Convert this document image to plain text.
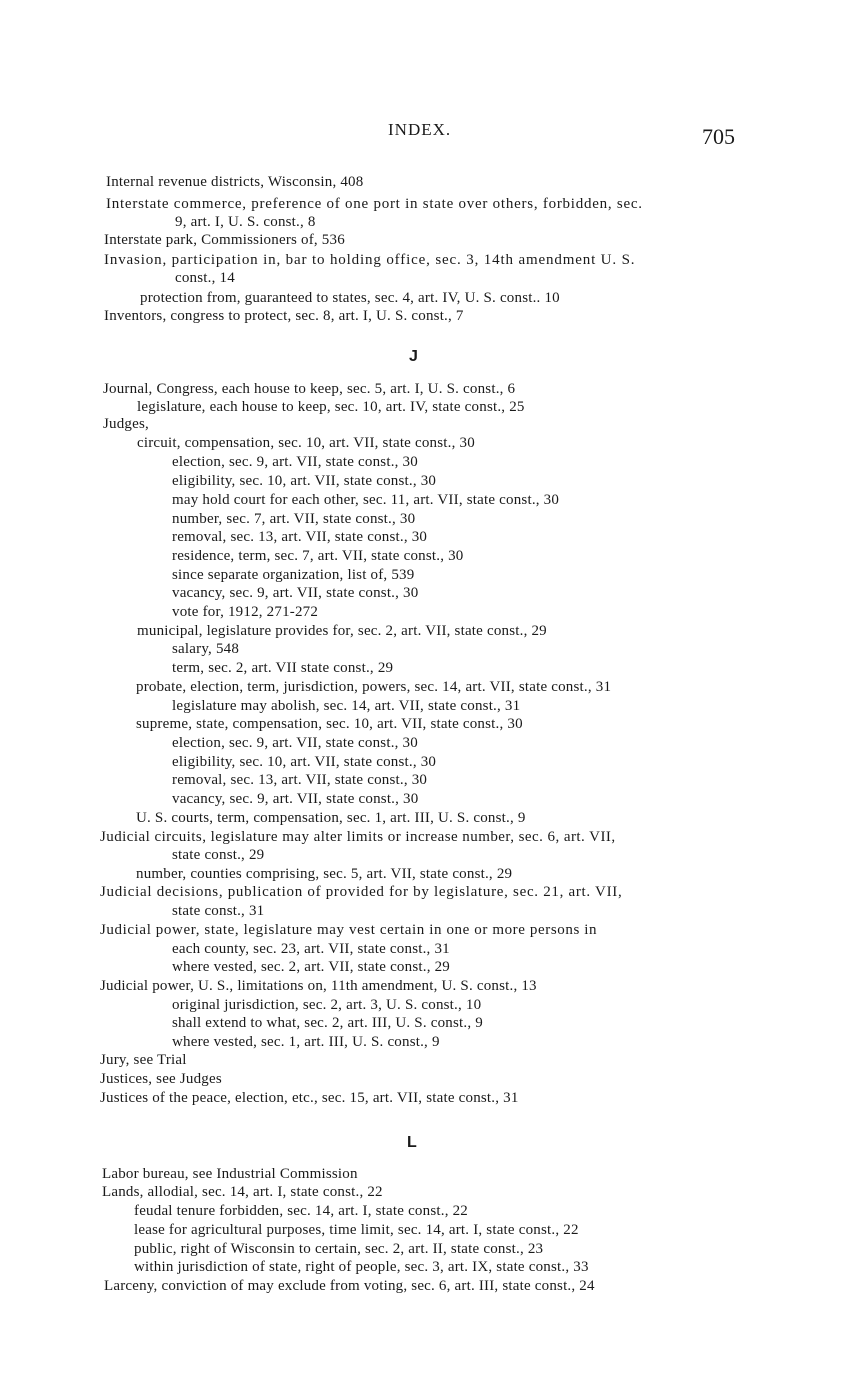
INDEX.	705
Internal revenue districts, Wisconsin, 408
Interstate commerce, preference of one port in state over others, forbidden, sec.
9, art. I, U. S. const., 8
Interstate park, Commissioners of, 536
Invasion, participation in, bar to holding office, sec. 3, 14th amendment U. S.
const., 14
protection from, guaranteed to states, sec. 4, art. IV, U. S. const.. 10
Inventors, congress to protect, sec. 8, art. I, U. S. const., 7
J
Journal, Congress, each house to keep, sec. 5, art. I, U. S. const., 6
legislature, each house to keep, sec. 10, art. IV, state const., 25
Judges,
circuit, compensation, sec. 10, art. VII, state const., 30
election, sec. 9, art. VII, state const., 30
eligibility, sec. 10, art. VII, state const., 30
may hold court for each other, sec. 11, art. VII, state const., 30
number, sec. 7, art. VII, state const., 30
removal, sec. 13, art. VII, state const., 30
residence, term, sec. 7, art. VII, state const., 30
since separate organization, list of, 539
vacancy, sec. 9, art. VII, state const., 30
vote for, 1912, 271-272
municipal, legislature provides for, sec. 2, art. VII, state const., 29
salary, 548
term, sec. 2, art. VII state const., 29
probate, election, term, jurisdiction, powers, sec. 14, art. VII, state const., 31
legislature may abolish, sec. 14, art. VII, state const., 31
supreme, state, compensation, sec. 10, art. VII, state const., 30
election, sec. 9, art. VII, state const., 30
eligibility, sec. 10, art. VII, state const., 30
removal, sec. 13, art. VII, state const., 30
vacancy, sec. 9, art. VII, state const., 30
U. S. courts, term, compensation, sec. 1, art. III, U. S. const., 9
Judicial circuits, legislature may alter limits or increase number, sec. 6, art. VII,
state const., 29
number, counties comprising, sec. 5, art. VII, state const., 29
Judicial decisions, publication of provided for by legislature, sec. 21, art. VII,
state const., 31
Judicial power, state, legislature may vest certain in one or more persons in
each county, sec. 23, art. VII, state const., 31
where vested, sec. 2, art. VII, state const., 29
Judicial power, U. S., limitations on, 11th amendment, U. S. const., 13
original jurisdiction, sec. 2, art. 3, U. S. const., 10
shall extend to what, sec. 2, art. III, U. S. const., 9
where vested, sec. 1, art. III, U. S. const., 9
Jury, see Trial
Justices, see Judges
Justices of the peace, election, etc., sec. 15, art. VII, state const., 31
L
Labor bureau, see Industrial Commission
Lands, allodial, sec. 14, art. I, state const., 22
feudal tenure forbidden, sec. 14, art. I, state const., 22
lease for agricultural purposes, time limit, sec. 14, art. I, state const., 22
public, right of Wisconsin to certain, sec. 2, art. II, state const., 23
within jurisdiction of state, right of people, sec. 3, art. IX, state const., 33
Larceny, conviction of may exclude from voting, sec. 6, art. III, state const., 24
